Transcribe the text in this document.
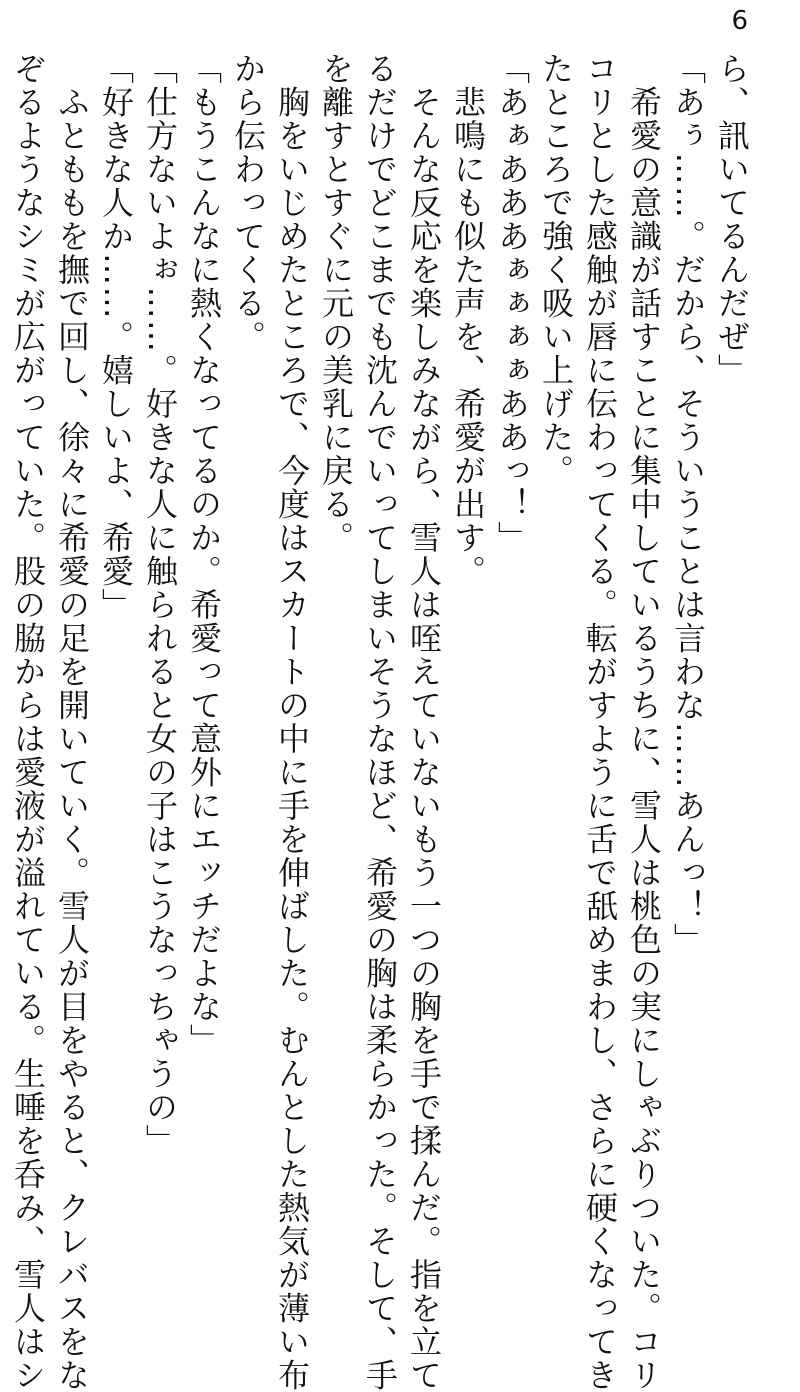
6

ら、訊いてるんだぜ」

「あぅ……。だから、そういうことは言わな……あんっ！」

　希愛の意識が話すことに集中しているうちに、雪人は桃色の実にしゃぶりついた。コリ

コリとした感触が唇に伝わってくる。転がすように舌で舐めまわし、さらに硬くなってき

たところで強く吸い上げた。

「あぁあああぁぁぁぁああっ！」

　悲鳴にも似た声を、希愛が出す。

　そんな反応を楽しみながら、雪人は咥えていないもう一つの胸を手で揉んだ。指を立て

るだけでどこまでも沈んでいってしまいそうなほど、希愛の胸は柔らかった。そして、手

を離すとすぐに元の美乳に戻る。

　胸をいじめたところで、今度はスカートの中に手を伸ばした。むんとした熱気が薄い布

から伝わってくる。

「もうこんなに熱くなってるのか。希愛って意外にエッチだよな」

「仕方ないよぉ……。好きな人に触られると女の子はこうなっちゃうの」

「好きな人か……。嬉しいよ、希愛」

　ふとももを撫で回し、徐々に希愛の足を開いていく。雪人が目をやると、クレバスをな

ぞるようなシミが広がっていた。股の脇からは愛液が溢れている。生唾を呑み、雪人はシ
